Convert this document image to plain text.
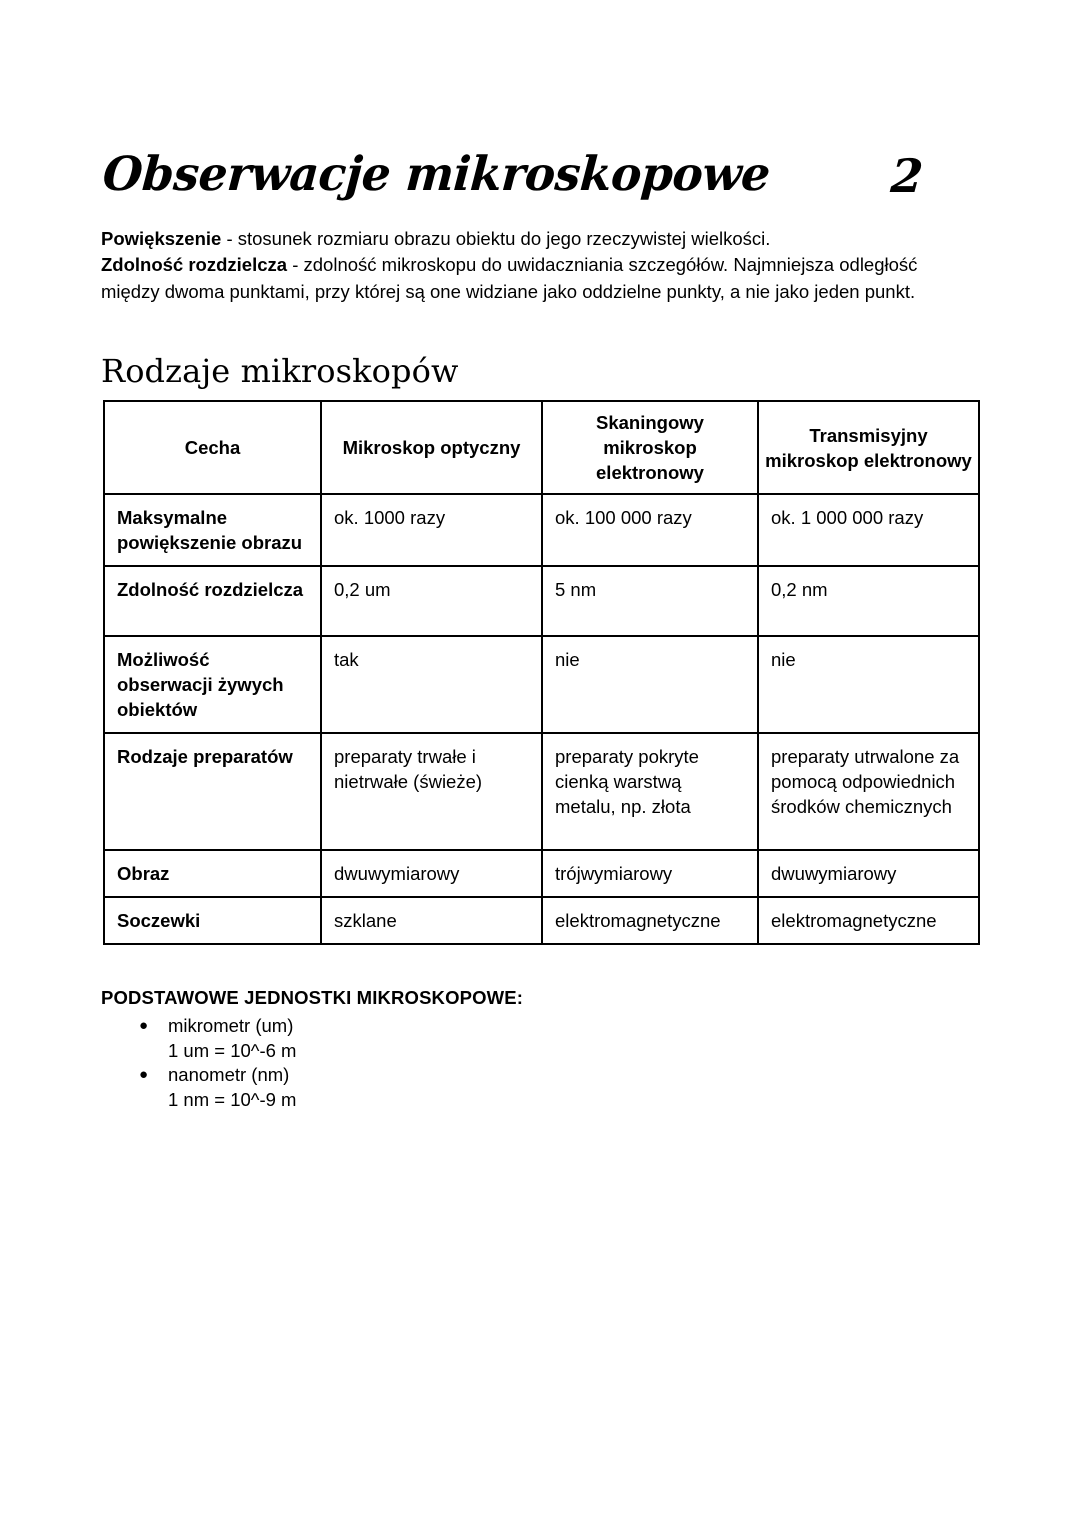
Obserwacje mikroskopowe	2
Powiększenie - stosunek rozmiaru obrazu obiektu do jego rzeczywistej wielkości.
Zdolność rozdzielcza - zdolność mikroskopu do uwidaczniania szczegółów. Najmniejsza odległość między dwoma punktami, przy której są one widziane jako oddzielne punkty, a nie jako jeden punkt.
Rodzaje mikroskopów
Cecha	Mikroskop optyczny	Skaningowy mikroskop elektronowy	Transmisyjny mikroskop elektronowy
Maksymalne powiększenie obrazu	ok. 1000 razy	ok. 100 000 razy	ok. 1 000 000 razy
Zdolność rozdzielcza	0,2 um	5 nm	0,2 nm
Możliwość obserwacji żywych obiektów	tak	nie	nie
Rodzaje preparatów	preparaty trwałe i nietrwałe (świeże)	preparaty pokryte cienką warstwą metalu, np. złota	preparaty utrwalone za pomocą odpowiednich środków chemicznych
Obraz	dwuwymiarowy	trójwymiarowy	dwuwymiarowy
Soczewki	szklane	elektromagnetyczne	elektromagnetyczne
PODSTAWOWE JEDNOSTKI MIKROSKOPOWE:
● mikrometr (um)
1 um = 10^-6 m
● nanometr (nm)
1 nm = 10^-9 m
